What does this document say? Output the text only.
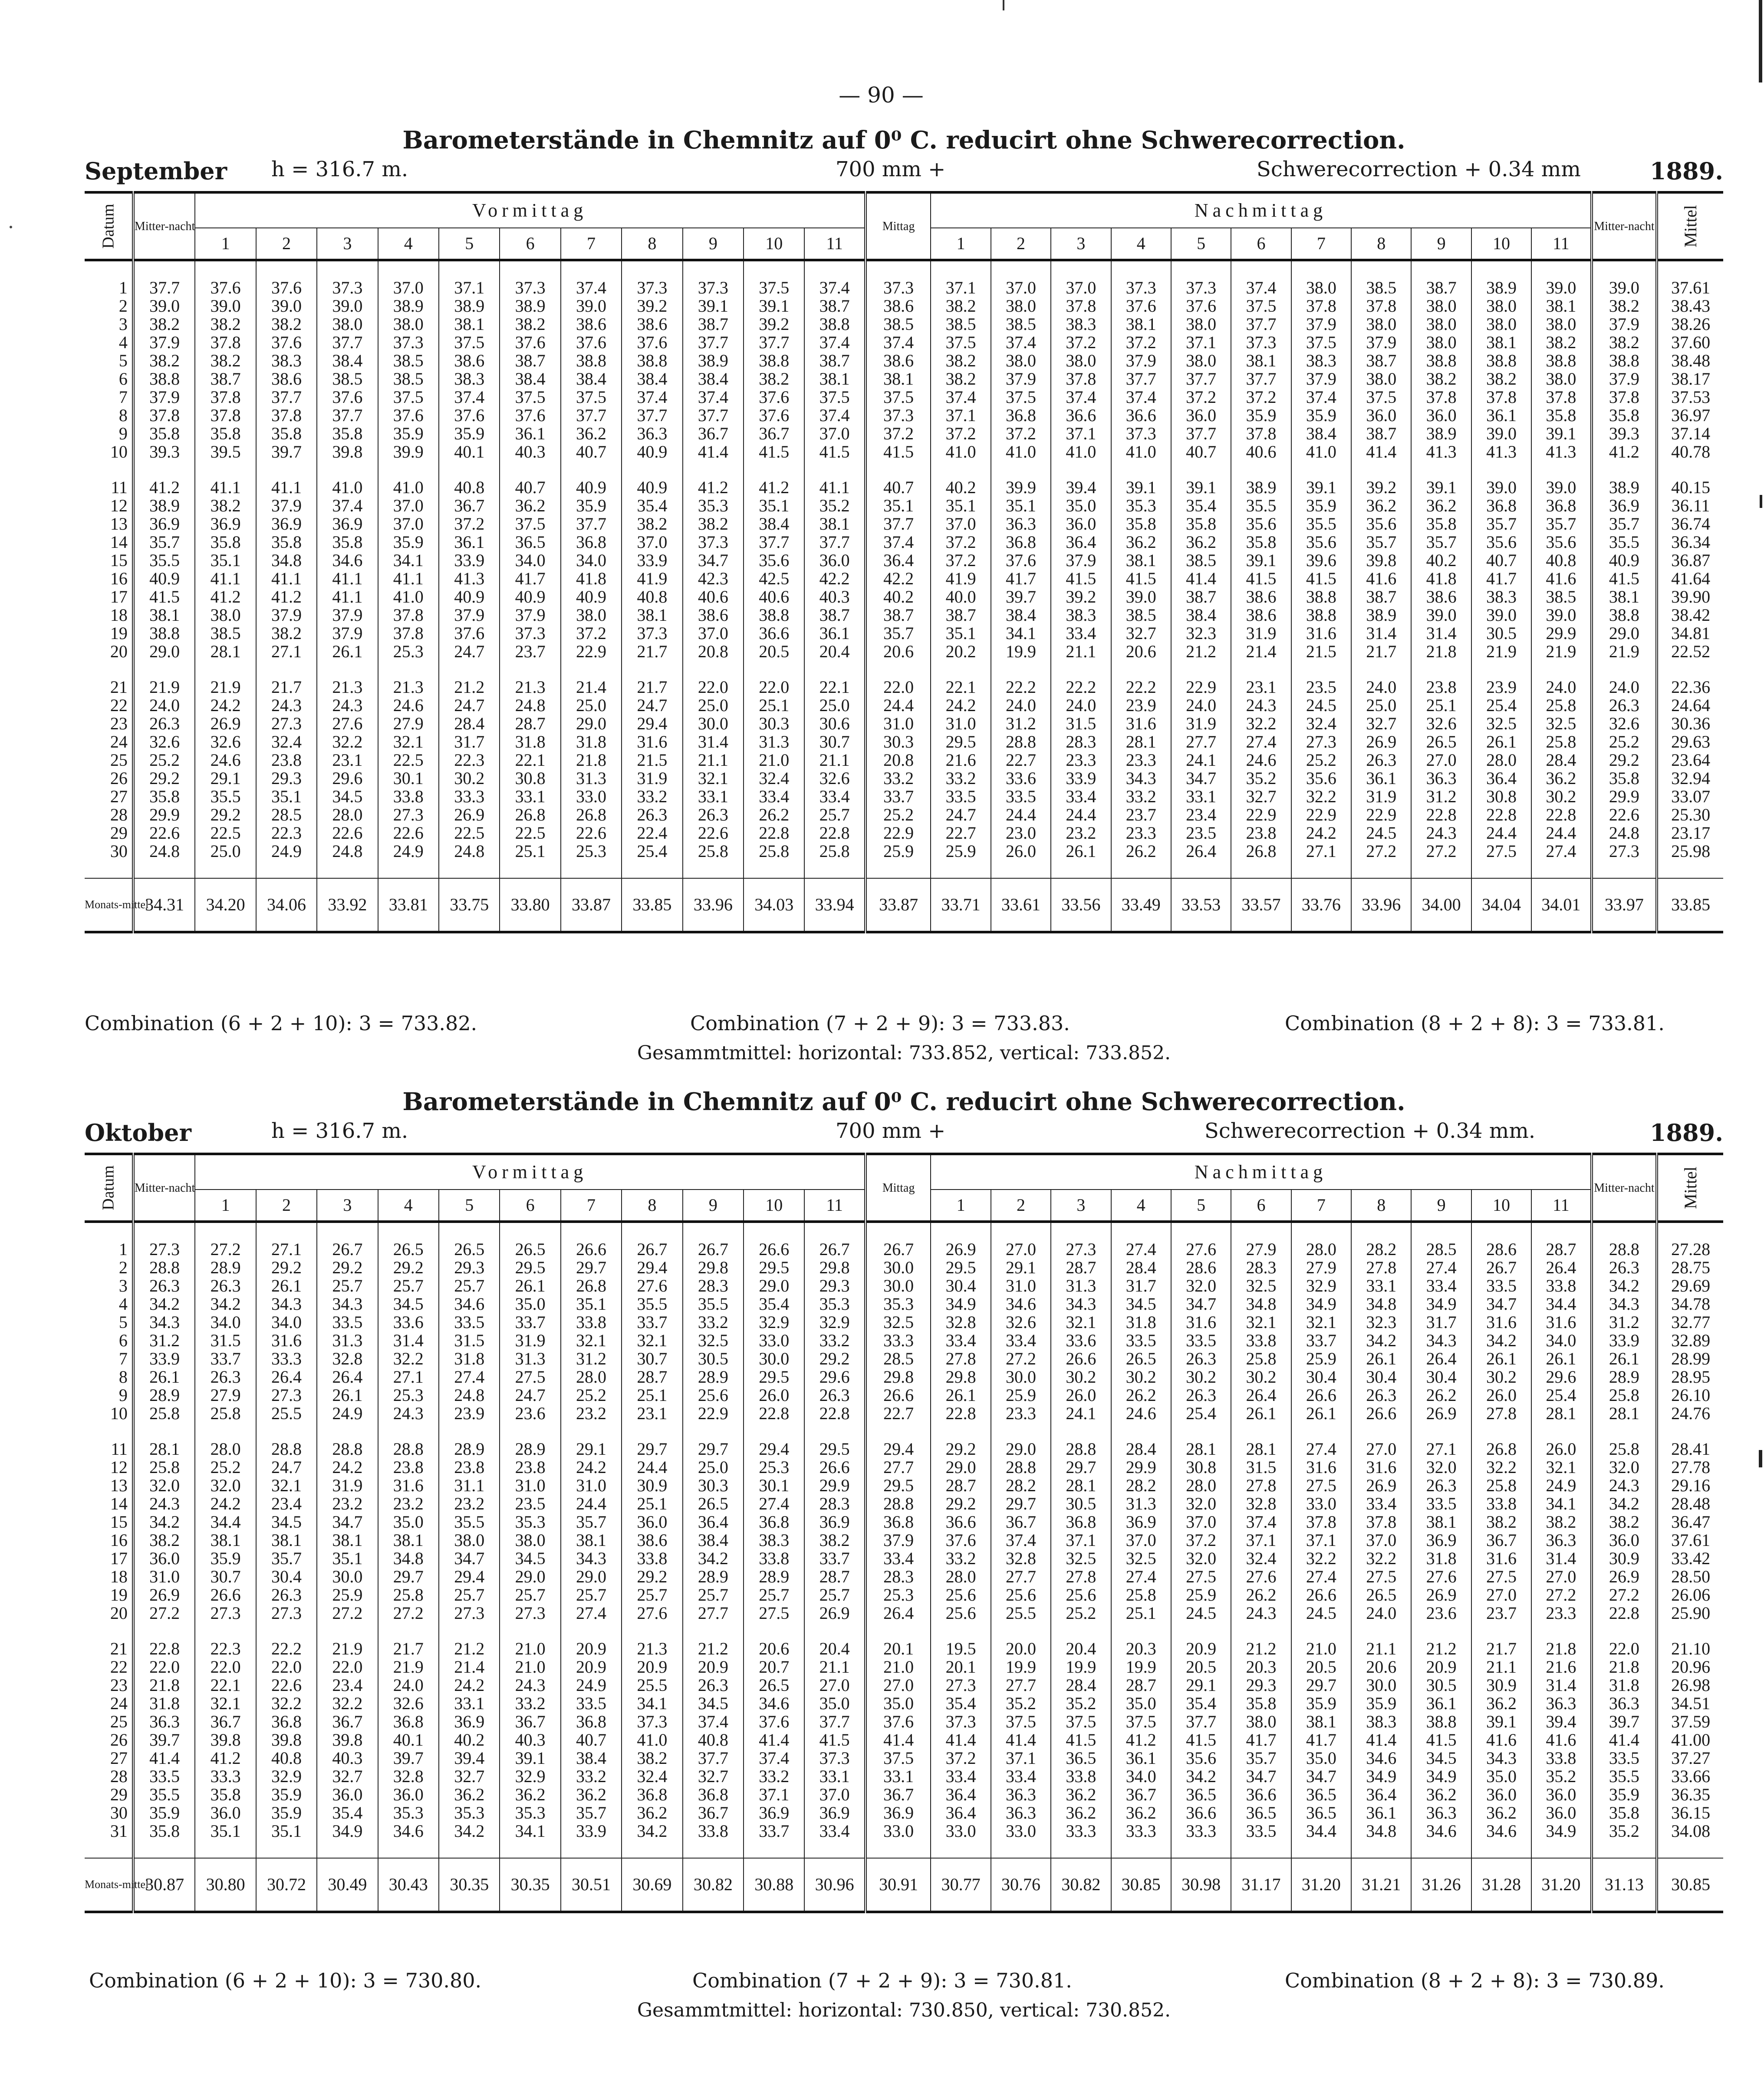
— 90 —
Barometerstände in Chemnitz auf 0⁰ C. reducirt ohne Schwerecorrection.
September h = 316.7 m.	700 mm +	Schwerecorrection + 0.34 mm	1889.
Datum	Mitter-nacht	Vormittag											Mittag	Nachmittag											Mitter-nacht	Mittel
		1	2	3	4	5	6	7	8	9	10	11		1	2	3	4	5	6	7	8	9	10	11		

1	37.7	37.6	37.6	37.3	37.0	37.1	37.3	37.4	37.3	37.3	37.5	37.4	37.3	37.1	37.0	37.0	37.3	37.3	37.4	38.0	38.5	38.7	38.9	39.0	39.0	37.61
2	39.0	39.0	39.0	39.0	38.9	38.9	38.9	39.0	39.2	39.1	39.1	38.7	38.6	38.2	38.0	37.8	37.6	37.6	37.5	37.8	37.8	38.0	38.0	38.1	38.2	38.43
3	38.2	38.2	38.2	38.0	38.0	38.1	38.2	38.6	38.6	38.7	39.2	38.8	38.5	38.5	38.5	38.3	38.1	38.0	37.7	37.9	38.0	38.0	38.0	38.0	37.9	38.26
4	37.9	37.8	37.6	37.7	37.3	37.5	37.6	37.6	37.6	37.7	37.7	37.4	37.4	37.5	37.4	37.2	37.2	37.1	37.3	37.5	37.9	38.0	38.1	38.2	38.2	37.60
5	38.2	38.2	38.3	38.4	38.5	38.6	38.7	38.8	38.8	38.9	38.8	38.7	38.6	38.2	38.0	38.0	37.9	38.0	38.1	38.3	38.7	38.8	38.8	38.8	38.8	38.48
6	38.8	38.7	38.6	38.5	38.5	38.3	38.4	38.4	38.4	38.4	38.2	38.1	38.1	38.2	37.9	37.8	37.7	37.7	37.7	37.9	38.0	38.2	38.2	38.0	37.9	38.17
7	37.9	37.8	37.7	37.6	37.5	37.4	37.5	37.5	37.4	37.4	37.6	37.5	37.5	37.4	37.5	37.4	37.4	37.2	37.2	37.4	37.5	37.8	37.8	37.8	37.8	37.53
8	37.8	37.8	37.8	37.7	37.6	37.6	37.6	37.7	37.7	37.7	37.6	37.4	37.3	37.1	36.8	36.6	36.6	36.0	35.9	35.9	36.0	36.0	36.1	35.8	35.8	36.97
9	35.8	35.8	35.8	35.8	35.9	35.9	36.1	36.2	36.3	36.7	36.7	37.0	37.2	37.2	37.2	37.1	37.3	37.7	37.8	38.4	38.7	38.9	39.0	39.1	39.3	37.14
10	39.3	39.5	39.7	39.8	39.9	40.1	40.3	40.7	40.9	41.4	41.5	41.5	41.5	41.0	41.0	41.0	41.0	40.7	40.6	41.0	41.4	41.3	41.3	41.3	41.2	40.78

11	41.2	41.1	41.1	41.0	41.0	40.8	40.7	40.9	40.9	41.2	41.2	41.1	40.7	40.2	39.9	39.4	39.1	39.1	38.9	39.1	39.2	39.1	39.0	39.0	38.9	40.15
12	38.9	38.2	37.9	37.4	37.0	36.7	36.2	35.9	35.4	35.3	35.1	35.2	35.1	35.1	35.1	35.0	35.3	35.4	35.5	35.9	36.2	36.2	36.8	36.8	36.9	36.11
13	36.9	36.9	36.9	36.9	37.0	37.2	37.5	37.7	38.2	38.2	38.4	38.1	37.7	37.0	36.3	36.0	35.8	35.8	35.6	35.5	35.6	35.8	35.7	35.7	35.7	36.74
14	35.7	35.8	35.8	35.8	35.9	36.1	36.5	36.8	37.0	37.3	37.7	37.7	37.4	37.2	36.8	36.4	36.2	36.2	35.8	35.6	35.7	35.7	35.6	35.6	35.5	36.34
15	35.5	35.1	34.8	34.6	34.1	33.9	34.0	34.0	33.9	34.7	35.6	36.0	36.4	37.2	37.6	37.9	38.1	38.5	39.1	39.6	39.8	40.2	40.7	40.8	40.9	36.87
16	40.9	41.1	41.1	41.1	41.1	41.3	41.7	41.8	41.9	42.3	42.5	42.2	42.2	41.9	41.7	41.5	41.5	41.4	41.5	41.5	41.6	41.8	41.7	41.6	41.5	41.64
17	41.5	41.2	41.2	41.1	41.0	40.9	40.9	40.9	40.8	40.6	40.6	40.3	40.2	40.0	39.7	39.2	39.0	38.7	38.6	38.8	38.7	38.6	38.3	38.5	38.1	39.90
18	38.1	38.0	37.9	37.9	37.8	37.9	37.9	38.0	38.1	38.6	38.8	38.7	38.7	38.7	38.4	38.3	38.5	38.4	38.6	38.8	38.9	39.0	39.0	39.0	38.8	38.42
19	38.8	38.5	38.2	37.9	37.8	37.6	37.3	37.2	37.3	37.0	36.6	36.1	35.7	35.1	34.1	33.4	32.7	32.3	31.9	31.6	31.4	31.4	30.5	29.9	29.0	34.81
20	29.0	28.1	27.1	26.1	25.3	24.7	23.7	22.9	21.7	20.8	20.5	20.4	20.6	20.2	19.9	21.1	20.6	21.2	21.4	21.5	21.7	21.8	21.9	21.9	21.9	22.52

21	21.9	21.9	21.7	21.3	21.3	21.2	21.3	21.4	21.7	22.0	22.0	22.1	22.0	22.1	22.2	22.2	22.2	22.9	23.1	23.5	24.0	23.8	23.9	24.0	24.0	22.36
22	24.0	24.2	24.3	24.3	24.6	24.7	24.8	25.0	24.7	25.0	25.1	25.0	24.4	24.2	24.0	24.0	23.9	24.0	24.3	24.5	25.0	25.1	25.4	25.8	26.3	24.64
23	26.3	26.9	27.3	27.6	27.9	28.4	28.7	29.0	29.4	30.0	30.3	30.6	31.0	31.0	31.2	31.5	31.6	31.9	32.2	32.4	32.7	32.6	32.5	32.5	32.6	30.36
24	32.6	32.6	32.4	32.2	32.1	31.7	31.8	31.8	31.6	31.4	31.3	30.7	30.3	29.5	28.8	28.3	28.1	27.7	27.4	27.3	26.9	26.5	26.1	25.8	25.2	29.63
25	25.2	24.6	23.8	23.1	22.5	22.3	22.1	21.8	21.5	21.1	21.0	21.1	20.8	21.6	22.7	23.3	23.3	24.1	24.6	25.2	26.3	27.0	28.0	28.4	29.2	23.64
26	29.2	29.1	29.3	29.6	30.1	30.2	30.8	31.3	31.9	32.1	32.4	32.6	33.2	33.2	33.6	33.9	34.3	34.7	35.2	35.6	36.1	36.3	36.4	36.2	35.8	32.94
27	35.8	35.5	35.1	34.5	33.8	33.3	33.1	33.0	33.2	33.1	33.4	33.4	33.7	33.5	33.5	33.4	33.2	33.1	32.7	32.2	31.9	31.2	30.8	30.2	29.9	33.07
28	29.9	29.2	28.5	28.0	27.3	26.9	26.8	26.8	26.3	26.3	26.2	25.7	25.2	24.7	24.4	24.4	23.7	23.4	22.9	22.9	22.9	22.8	22.8	22.8	22.6	25.30
29	22.6	22.5	22.3	22.6	22.6	22.5	22.5	22.6	22.4	22.6	22.8	22.8	22.9	22.7	23.0	23.2	23.3	23.5	23.8	24.2	24.5	24.3	24.4	24.4	24.8	23.17
30	24.8	25.0	24.9	24.8	24.9	24.8	25.1	25.3	25.4	25.8	25.8	25.8	25.9	25.9	26.0	26.1	26.2	26.4	26.8	27.1	27.2	27.2	27.5	27.4	27.3	25.98

Monats-mittel	34.31	34.20	34.06	33.92	33.81	33.75	33.80	33.87	33.85	33.96	34.03	33.94	33.87	33.71	33.61	33.56	33.49	33.53	33.57	33.76	33.96	34.00	34.04	34.01	33.97	33.85
Combination (6 + 2 + 10): 3 = 733.82.	Combination (7 + 2 + 9): 3 = 733.83.	Combination (8 + 2 + 8): 3 = 733.81.
Gesammtmittel: horizontal: 733.852, vertical: 733.852.
Barometerstände in Chemnitz auf 0⁰ C. reducirt ohne Schwerecorrection.
Oktober	h = 316.7 m.	700 mm +	Schwerecorrection + 0.34 mm.	1889.
Datum	Mitter-nacht	Vormittag											Mittag	Nachmittag											Mitter-nacht	Mittel
		1	2	3	4	5	6	7	8	9	10	11		1	2	3	4	5	6	7	8	9	10	11		

1	27.3	27.2	27.1	26.7	26.5	26.5	26.5	26.6	26.7	26.7	26.6	26.7	26.7	26.9	27.0	27.3	27.4	27.6	27.9	28.0	28.2	28.5	28.6	28.7	28.8	27.28
2	28.8	28.9	29.2	29.2	29.2	29.3	29.5	29.7	29.4	29.8	29.5	29.8	30.0	29.5	29.1	28.7	28.4	28.6	28.3	27.9	27.8	27.4	26.7	26.4	26.3	28.75
3	26.3	26.3	26.1	25.7	25.7	25.7	26.1	26.8	27.6	28.3	29.0	29.3	30.0	30.4	31.0	31.3	31.7	32.0	32.5	32.9	33.1	33.4	33.5	33.8	34.2	29.69
4	34.2	34.2	34.3	34.3	34.5	34.6	35.0	35.1	35.5	35.5	35.4	35.3	35.3	34.9	34.6	34.3	34.5	34.7	34.8	34.9	34.8	34.9	34.7	34.4	34.3	34.78
5	34.3	34.0	34.0	33.5	33.6	33.5	33.7	33.8	33.7	33.2	32.9	32.9	32.5	32.8	32.6	32.1	31.8	31.6	32.1	32.1	32.3	31.7	31.6	31.6	31.2	32.77
6	31.2	31.5	31.6	31.3	31.4	31.5	31.9	32.1	32.1	32.5	33.0	33.2	33.3	33.4	33.4	33.6	33.5	33.5	33.8	33.7	34.2	34.3	34.2	34.0	33.9	32.89
7	33.9	33.7	33.3	32.8	32.2	31.8	31.3	31.2	30.7	30.5	30.0	29.2	28.5	27.8	27.2	26.6	26.5	26.3	25.8	25.9	26.1	26.4	26.1	26.1	26.1	28.99
8	26.1	26.3	26.4	26.4	27.1	27.4	27.5	28.0	28.7	28.9	29.5	29.6	29.8	29.8	30.0	30.2	30.2	30.2	30.2	30.4	30.4	30.4	30.2	29.6	28.9	28.95
9	28.9	27.9	27.3	26.1	25.3	24.8	24.7	25.2	25.1	25.6	26.0	26.3	26.6	26.1	25.9	26.0	26.2	26.3	26.4	26.6	26.3	26.2	26.0	25.4	25.8	26.10
10	25.8	25.8	25.5	24.9	24.3	23.9	23.6	23.2	23.1	22.9	22.8	22.8	22.7	22.8	23.3	24.1	24.6	25.4	26.1	26.1	26.6	26.9	27.8	28.1	28.1	24.76

11	28.1	28.0	28.8	28.8	28.8	28.9	28.9	29.1	29.7	29.7	29.4	29.5	29.4	29.2	29.0	28.8	28.4	28.1	28.1	27.4	27.0	27.1	26.8	26.0	25.8	28.41
12	25.8	25.2	24.7	24.2	23.8	23.8	23.8	24.2	24.4	25.0	25.3	26.6	27.7	29.0	28.8	29.7	29.9	30.8	31.5	31.6	31.6	32.0	32.2	32.1	32.0	27.78
13	32.0	32.0	32.1	31.9	31.6	31.1	31.0	31.0	30.9	30.3	30.1	29.9	29.5	28.7	28.2	28.1	28.2	28.0	27.8	27.5	26.9	26.3	25.8	24.9	24.3	29.16
14	24.3	24.2	23.4	23.2	23.2	23.2	23.5	24.4	25.1	26.5	27.4	28.3	28.8	29.2	29.7	30.5	31.3	32.0	32.8	33.0	33.4	33.5	33.8	34.1	34.2	28.48
15	34.2	34.4	34.5	34.7	35.0	35.5	35.3	35.7	36.0	36.4	36.8	36.9	36.8	36.6	36.7	36.8	36.9	37.0	37.4	37.8	37.8	38.1	38.2	38.2	38.2	36.47
16	38.2	38.1	38.1	38.1	38.1	38.0	38.0	38.1	38.6	38.4	38.3	38.2	37.9	37.6	37.4	37.1	37.0	37.2	37.1	37.1	37.0	36.9	36.7	36.3	36.0	37.61
17	36.0	35.9	35.7	35.1	34.8	34.7	34.5	34.3	33.8	34.2	33.8	33.7	33.4	33.2	32.8	32.5	32.5	32.0	32.4	32.2	32.2	31.8	31.6	31.4	30.9	33.42
18	31.0	30.7	30.4	30.0	29.7	29.4	29.0	29.0	29.2	28.9	28.9	28.7	28.3	28.0	27.7	27.8	27.4	27.5	27.6	27.4	27.5	27.6	27.5	27.0	26.9	28.50
19	26.9	26.6	26.3	25.9	25.8	25.7	25.7	25.7	25.7	25.7	25.7	25.7	25.3	25.6	25.6	25.6	25.8	25.9	26.2	26.6	26.5	26.9	27.0	27.2	27.2	26.06
20	27.2	27.3	27.3	27.2	27.2	27.3	27.3	27.4	27.6	27.7	27.5	26.9	26.4	25.6	25.5	25.2	25.1	24.5	24.3	24.5	24.0	23.6	23.7	23.3	22.8	25.90

21	22.8	22.3	22.2	21.9	21.7	21.2	21.0	20.9	21.3	21.2	20.6	20.4	20.1	19.5	20.0	20.4	20.3	20.9	21.2	21.0	21.1	21.2	21.7	21.8	22.0	21.10
22	22.0	22.0	22.0	22.0	21.9	21.4	21.0	20.9	20.9	20.9	20.7	21.1	21.0	20.1	19.9	19.9	19.9	20.5	20.3	20.5	20.6	20.9	21.1	21.6	21.8	20.96
23	21.8	22.1	22.6	23.4	24.0	24.2	24.3	24.9	25.5	26.3	26.5	27.0	27.0	27.3	27.7	28.4	28.7	29.1	29.3	29.7	30.0	30.5	30.9	31.4	31.8	26.98
24	31.8	32.1	32.2	32.2	32.6	33.1	33.2	33.5	34.1	34.5	34.6	35.0	35.0	35.4	35.2	35.2	35.0	35.4	35.8	35.9	35.9	36.1	36.2	36.3	36.3	34.51
25	36.3	36.7	36.8	36.7	36.8	36.9	36.7	36.8	37.3	37.4	37.6	37.7	37.6	37.3	37.5	37.5	37.5	37.7	38.0	38.1	38.3	38.8	39.1	39.4	39.7	37.59
26	39.7	39.8	39.8	39.8	40.1	40.2	40.3	40.7	41.0	40.8	41.4	41.5	41.4	41.4	41.4	41.5	41.2	41.5	41.7	41.7	41.4	41.5	41.6	41.6	41.4	41.00
27	41.4	41.2	40.8	40.3	39.7	39.4	39.1	38.4	38.2	37.7	37.4	37.3	37.5	37.2	37.1	36.5	36.1	35.6	35.7	35.0	34.6	34.5	34.3	33.8	33.5	37.27
28	33.5	33.3	32.9	32.7	32.8	32.7	32.9	33.2	32.4	32.7	33.2	33.1	33.1	33.4	33.4	33.8	34.0	34.2	34.7	34.7	34.9	34.9	35.0	35.2	35.5	33.66
29	35.5	35.8	35.9	36.0	36.0	36.2	36.2	36.2	36.8	36.8	37.1	37.0	36.7	36.4	36.3	36.2	36.7	36.5	36.6	36.5	36.4	36.2	36.0	36.0	35.9	36.35
30	35.9	36.0	35.9	35.4	35.3	35.3	35.3	35.7	36.2	36.7	36.9	36.9	36.9	36.4	36.3	36.2	36.2	36.6	36.5	36.5	36.1	36.3	36.2	36.0	35.8	36.15
31	35.8	35.1	35.1	34.9	34.6	34.2	34.1	33.9	34.2	33.8	33.7	33.4	33.0	33.0	33.0	33.3	33.3	33.3	33.5	34.4	34.8	34.6	34.6	34.9	35.2	34.08

Monats-mittel	30.87	30.80	30.72	30.49	30.43	30.35	30.35	30.51	30.69	30.82	30.88	30.96	30.91	30.77	30.76	30.82	30.85	30.98	31.17	31.20	31.21	31.26	31.28	31.20	31.13	30.85
Combination (6 + 2 + 10): 3 = 730.80.	Combination (7 + 2 + 9): 3 = 730.81.	Combination (8 + 2 + 8): 3 = 730.89.
Gesammtmittel: horizontal: 730.850, vertical: 730.852.
